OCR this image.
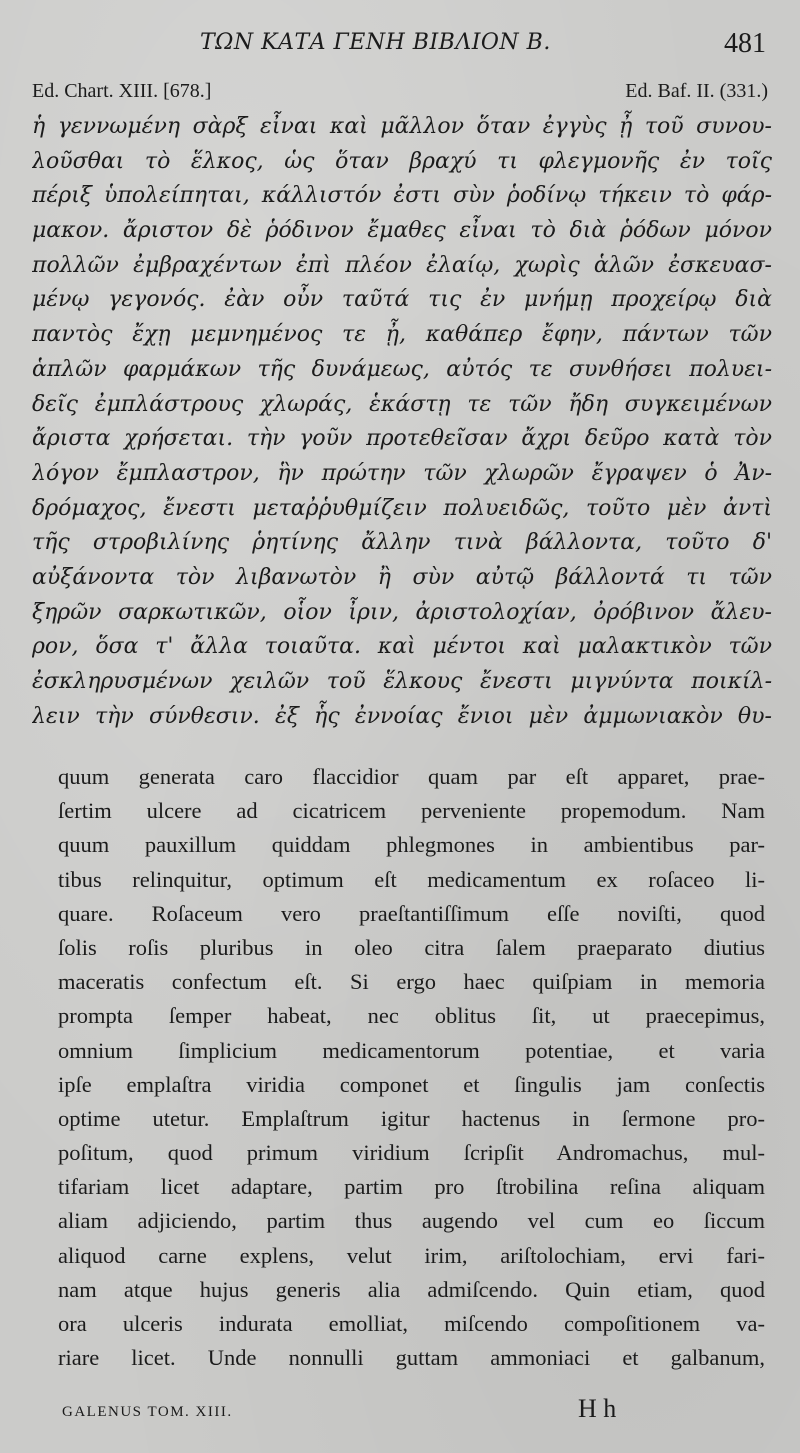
ΤΩΝ ΚΑΤΑ ΓΕΝΗ ΒΙΒΛΙΟΝ Β.	481
Ed. Chart. XIII. [678.]	Ed. Baf. II. (331.)
ἡ γεννωμένη σὰρξ εἶναι καὶ μᾶλλον ὅταν ἐγγὺς ᾖ τοῦ συνου-
λοῦσθαι τὸ ἕλκος, ὡς ὅταν βραχύ τι φλεγμονῆς ἐν τοῖς
πέριξ ὑπολείπηται, κάλλιστόν ἐστι σὺν ῥοδίνῳ τήκειν τὸ φάρ-
μακον. ἄριστον δὲ ῥόδινον ἔμαθες εἶναι τὸ διὰ ῥόδων μόνον
πολλῶν ἐμβραχέντων ἐπὶ πλέον ἐλαίῳ, χωρὶς ἁλῶν ἐσκευασ-
μένῳ γεγονός. ἐὰν οὖν ταῦτά τις ἐν μνήμῃ προχείρῳ διὰ
παντὸς ἔχῃ μεμνημένος τε ᾖ, καθάπερ ἔφην, πάντων τῶν
ἁπλῶν φαρμάκων τῆς δυνάμεως, αὐτός τε συνθήσει πολυει-
δεῖς ἐμπλάστρους χλωράς, ἑκάστῃ τε τῶν ἤδη συγκειμένων
ἄριστα χρήσεται. τὴν γοῦν προτεθεῖσαν ἄχρι δεῦρο κατὰ τὸν
λόγον ἔμπλαστρον, ἣν πρώτην τῶν χλωρῶν ἔγραψεν ὁ Ἀν-
δρόμαχος, ἔνεστι μεταῤῥυθμίζειν πολυειδῶς, τοῦτο μὲν ἀντὶ
τῆς στροβιλίνης ῥητίνης ἄλλην τινὰ βάλλοντα, τοῦτο δ'
αὐξάνοντα τὸν λιβανωτὸν ἢ σὺν αὐτῷ βάλλοντά τι τῶν
ξηρῶν σαρκωτικῶν, οἷον ἶριν, ἀριστολοχίαν, ὀρόβινον ἄλευ-
ρον, ὅσα τ' ἄλλα τοιαῦτα. καὶ μέντοι καὶ μαλακτικὸν τῶν
ἐσκληρυσμένων χειλῶν τοῦ ἕλκους ἔνεστι μιγνύντα ποικίλ-
λειν τὴν σύνθεσιν. ἐξ ἧς ἐννοίας ἔνιοι μὲν ἀμμωνιακὸν θυ-
quum generata caro flaccidior quam par eſt apparet, prae-
ſertim ulcere ad cicatricem perveniente propemodum. Nam
quum pauxillum quiddam phlegmones in ambientibus par-
tibus relinquitur, optimum eſt medicamentum ex roſaceo li-
quare. Roſaceum vero praeſtantiſſimum eſſe noviſti, quod
ſolis roſis pluribus in oleo citra ſalem praeparato diutius
maceratis confectum eſt. Si ergo haec quiſpiam in memoria
prompta ſemper habeat, nec oblitus ſit, ut praecepimus,
omnium ſimplicium medicamentorum potentiae, et varia
ipſe emplaſtra viridia componet et ſingulis jam conſectis
optime utetur. Emplaſtrum igitur hactenus in ſermone pro-
poſitum, quod primum viridium ſcripſit Andromachus, mul-
tifariam licet adaptare, partim pro ſtrobilina reſina aliquam
aliam adjiciendo, partim thus augendo vel cum eo ſiccum
aliquod carne explens, velut irim, ariſtolochiam, ervi fari-
nam atque hujus generis alia admiſcendo. Quin etiam, quod
ora ulceris indurata emolliat, miſcendo compoſitionem va-
riare licet. Unde nonnulli guttam ammoniaci et galbanum,
GALENUS TOM. XIII.	H h
